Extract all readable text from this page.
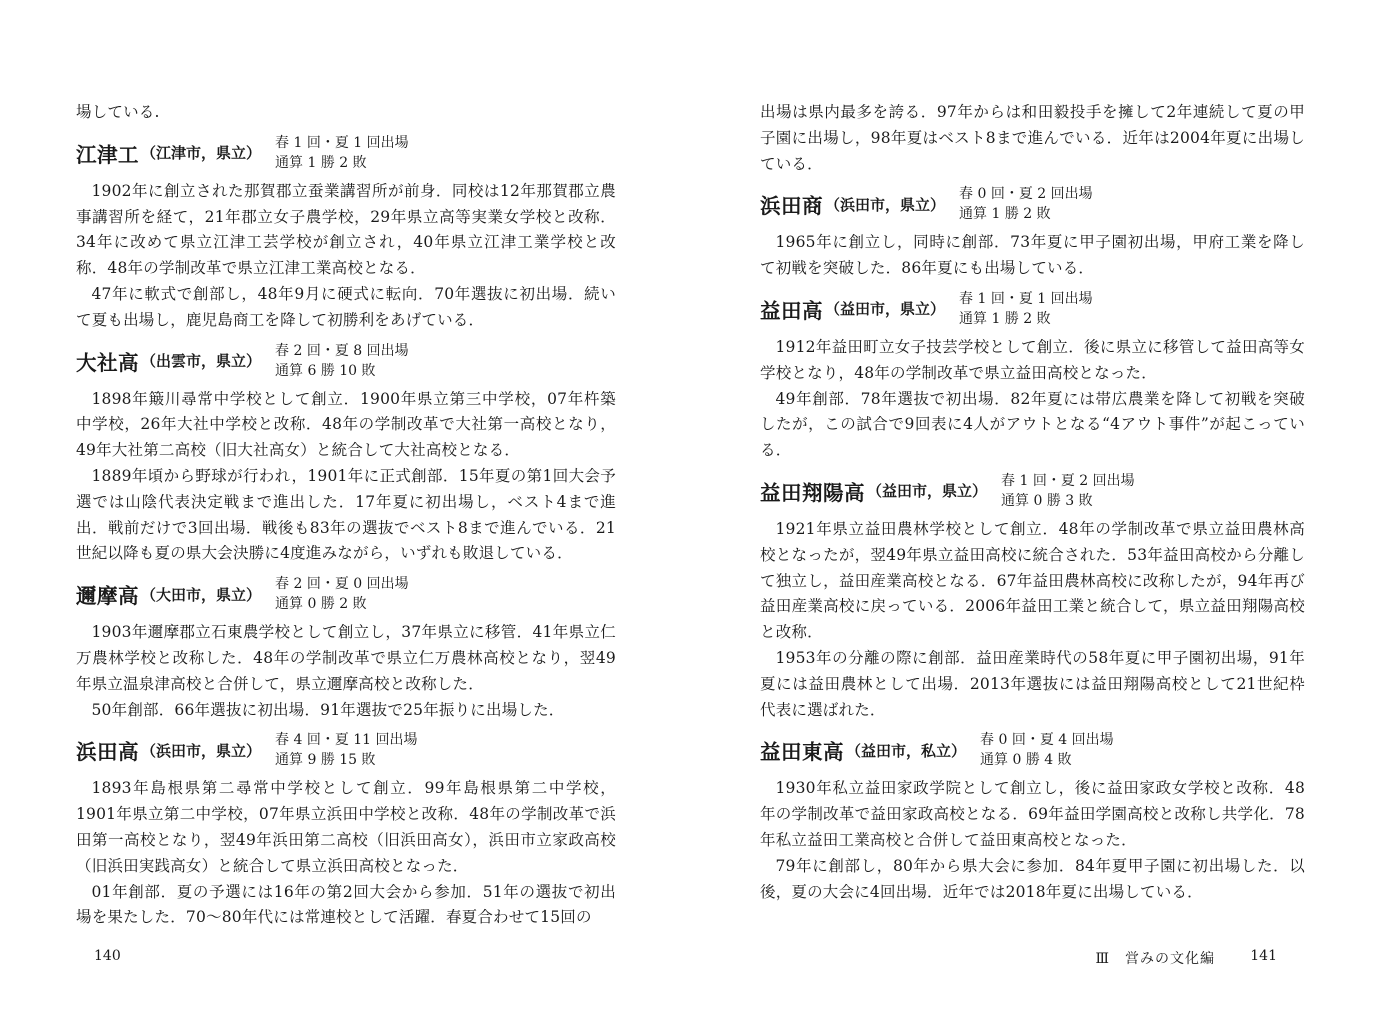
場している.

江津工 （江津市，県立）
春 1 回・夏 1 回出場
通算 1 勝 2 敗

1902年に創立された那賀郡立蚕業講習所が前身．同校は12年那賀郡立農事講習所を経て，21年郡立女子農学校，29年県立高等実業女学校と改称．34年に改めて県立江津工芸学校が創立され，40年県立江津工業学校と改称．48年の学制改革で県立江津工業高校となる．

47年に軟式で創部し，48年9月に硬式に転向．70年選抜に初出場．続いて夏も出場し，鹿児島商工を降して初勝利をあげている．

大社高 （出雲市，県立）
春 2 回・夏 8 回出場
通算 6 勝 10 敗

1898年簸川尋常中学校として創立．1900年県立第三中学校，07年杵築中学校，26年大社中学校と改称．48年の学制改革で大社第一高校となり，49年大社第二高校（旧大社高女）と統合して大社高校となる．

1889年頃から野球が行われ，1901年に正式創部．15年夏の第1回大会予選では山陰代表決定戦まで進出した．17年夏に初出場し，ベスト4まで進出．戦前だけで3回出場．戦後も83年の選抜でベスト8まで進んでいる．21世紀以降も夏の県大会決勝に4度進みながら，いずれも敗退している．

邇摩高 （大田市，県立）
春 2 回・夏 0 回出場
通算 0 勝 2 敗

1903年邇摩郡立石東農学校として創立し，37年県立に移管．41年県立仁万農林学校と改称した．48年の学制改革で県立仁万農林高校となり，翌49年県立温泉津高校と合併して，県立邇摩高校と改称した．

50年創部．66年選抜に初出場．91年選抜で25年振りに出場した．

浜田高 （浜田市，県立）
春 4 回・夏 11 回出場
通算 9 勝 15 敗

1893年島根県第二尋常中学校として創立．99年島根県第二中学校，1901年県立第二中学校，07年県立浜田中学校と改称．48年の学制改革で浜田第一高校となり，翌49年浜田第二高校（旧浜田高女），浜田市立家政高校（旧浜田実践高女）と統合して県立浜田高校となった．

01年創部．夏の予選には16年の第2回大会から参加．51年の選抜で初出場を果たした．70～80年代には常連校として活躍．春夏合わせて15回の

140

出場は県内最多を誇る．97年からは和田毅投手を擁して2年連続して夏の甲子園に出場し，98年夏はベスト8まで進んでいる．近年は2004年夏に出場している．

浜田商 （浜田市，県立）
春 0 回・夏 2 回出場
通算 1 勝 2 敗

1965年に創立し，同時に創部．73年夏に甲子園初出場，甲府工業を降して初戦を突破した．86年夏にも出場している．

益田高 （益田市，県立）
春 1 回・夏 1 回出場
通算 1 勝 2 敗

1912年益田町立女子技芸学校として創立．後に県立に移管して益田高等女学校となり，48年の学制改革で県立益田高校となった．

49年創部．78年選抜で初出場．82年夏には帯広農業を降して初戦を突破したが，この試合で9回表に4人がアウトとなる“4アウト事件”が起こっている．

益田翔陽高 （益田市，県立）
春 1 回・夏 2 回出場
通算 0 勝 3 敗

1921年県立益田農林学校として創立．48年の学制改革で県立益田農林高校となったが，翌49年県立益田高校に統合された．53年益田高校から分離して独立し，益田産業高校となる．67年益田農林高校に改称したが，94年再び益田産業高校に戻っている．2006年益田工業と統合して，県立益田翔陽高校と改称．

1953年の分離の際に創部．益田産業時代の58年夏に甲子園初出場，91年夏には益田農林として出場．2013年選抜には益田翔陽高校として21世紀枠代表に選ばれた．

益田東高 （益田市，私立）
春 0 回・夏 4 回出場
通算 0 勝 4 敗

1930年私立益田家政学院として創立し，後に益田家政女学校と改称．48年の学制改革で益田家政高校となる．69年益田学園高校と改称し共学化．78年私立益田工業高校と合併して益田東高校となった．

79年に創部し，80年から県大会に参加．84年夏甲子園に初出場した．以後，夏の大会に4回出場．近年では2018年夏に出場している．

Ⅲ　営みの文化編	141
